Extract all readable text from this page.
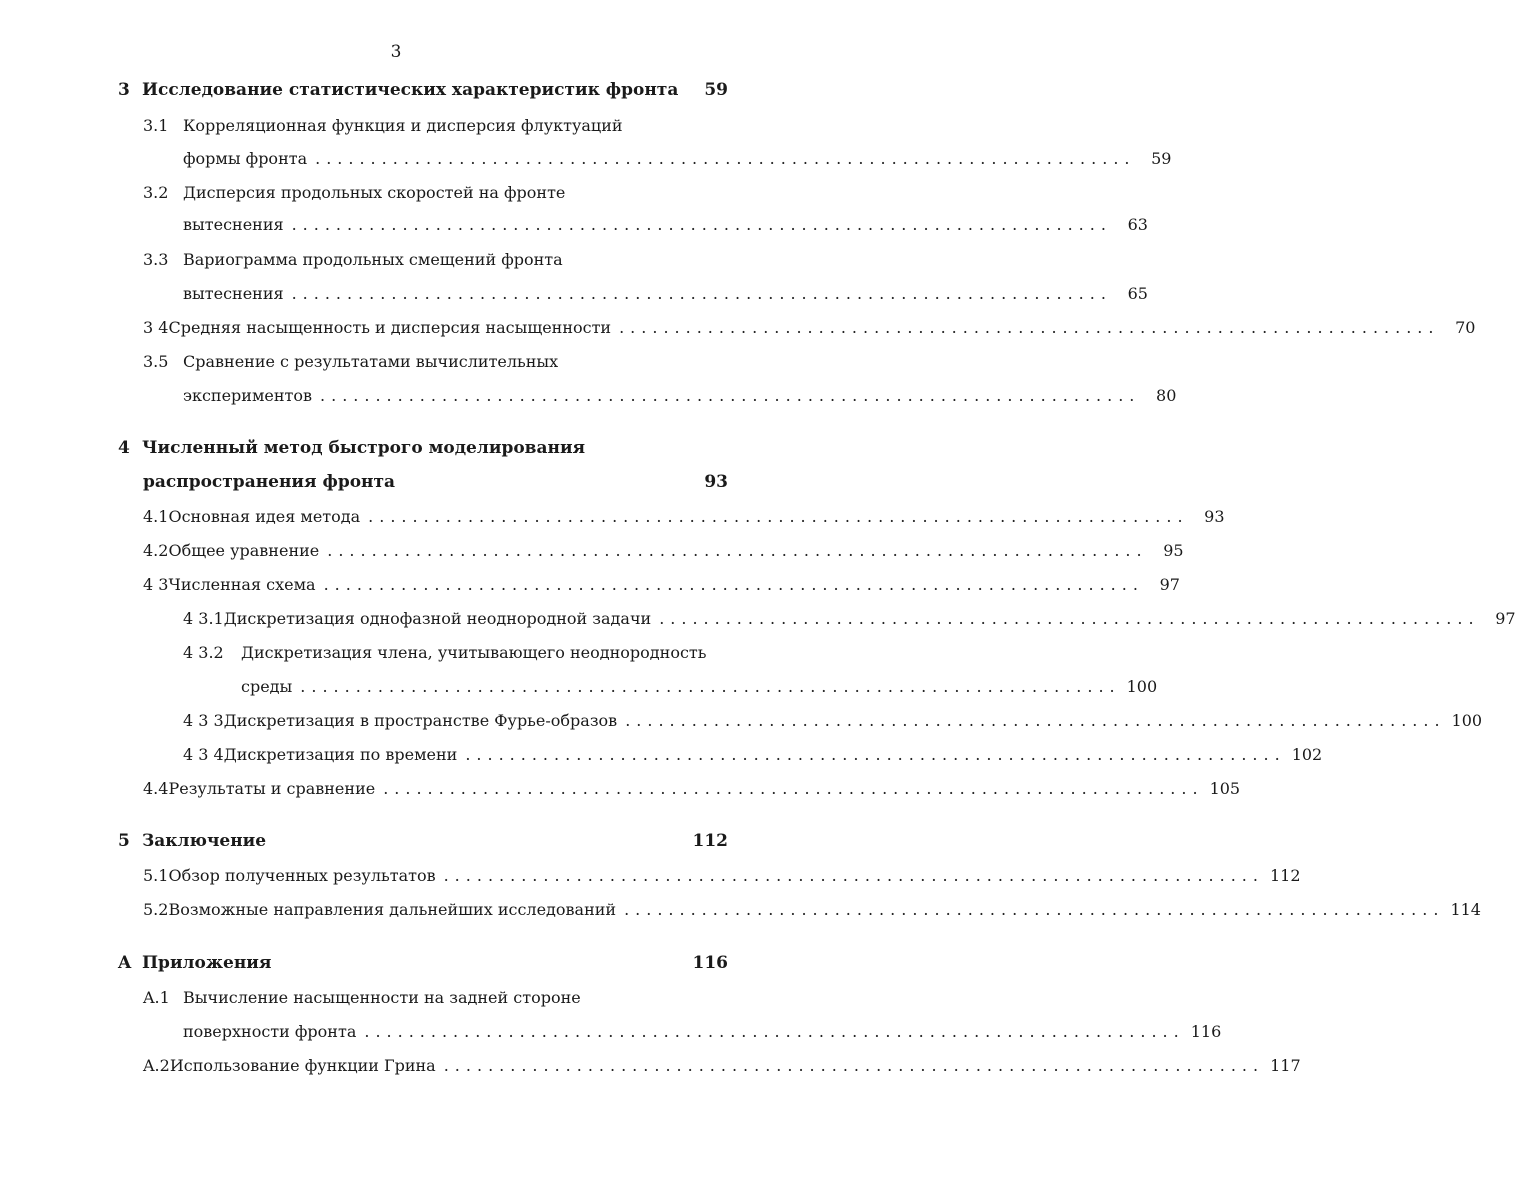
3
3 Исследование статистических характеристик фронта	59
3.1 Корреляционная функция и дисперсия флуктуаций
формы фронта .......................................................................... 59
3.2 Дисперсия продольных скоростей на фронте
вытеснения .......................................................................... 63
3.3 Вариограмма продольных смещений фронта
вытеснения .......................................................................... 65
3 4 Средняя насыщенность и дисперсия насыщенности .......................................................................... 70
3.5 Сравнение с результатами вычислительных
экспериментов .......................................................................... 80
4 Численный метод быстрого моделирования
распространения фронта	93
4.1 Основная идея метода .......................................................................... 93
4.2 Общее уравнение .......................................................................... 95
4 3 Численная схема .......................................................................... 97
4 3.1 Дискретизация однофазной неоднородной задачи .......................................................................... 97
4 3.2	Дискретизация члена, учитывающего неоднородность
среды .......................................................................... 100
4 3 3 Дискретизация в пространстве Фурье-образов .......................................................................... 100
4 3 4 Дискретизация по времени .......................................................................... 102
4.4 Результаты и сравнение .......................................................................... 105
5 Заключение	112
5.1 Обзор полученных результатов .......................................................................... 112
5.2 Возможные направления дальнейших исследований .......................................................................... 114
A Приложения	116
A.1 Вычисление насыщенности на задней стороне
поверхности фронта .......................................................................... 116
A.2 Использование функции Грина .......................................................................... 117
